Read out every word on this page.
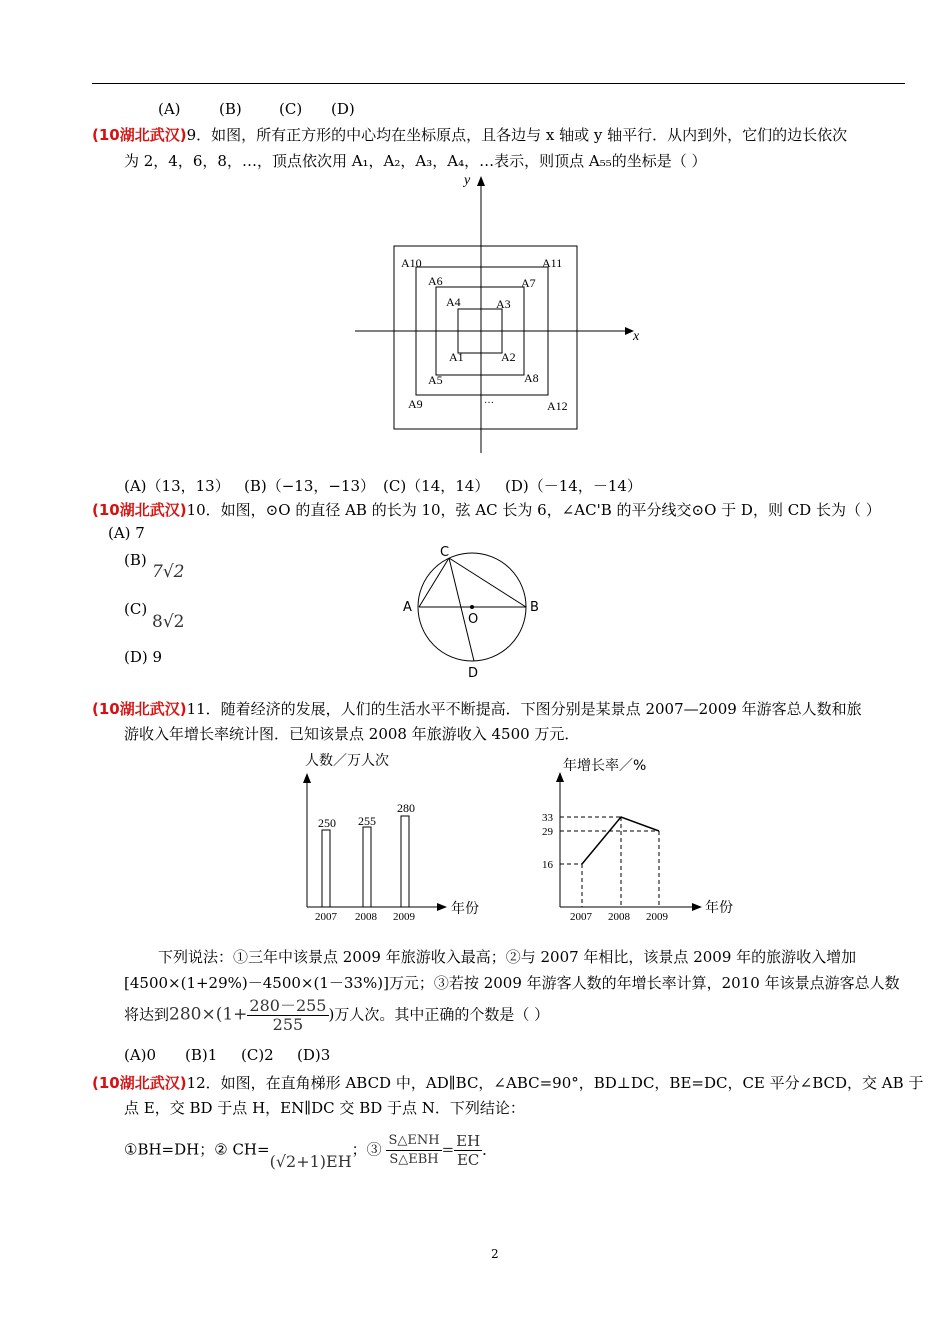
(A)	(B) (C) (D)
(10湖北武汉)9．如图，所有正方形的中心均在坐标原点，且各边与 x 轴或 y 轴平行．从内到外，它们的边长依次
为 2，4，6，8，…，顶点依次用 A₁，A₂，A₃，A₄，…表示，则顶点 A₅₅的坐标是（ ）
x
y
A10	A11
A6	A7
A4	A3
A1	A2
A5	A8
A9	A12
…
(A)（13，13） (B)（−13，−13） (C)（14，14） (D)（－14，－14）
(10湖北武汉)10．如图，⊙O 的直径 AB 的长为 10，弦 AC 长为 6，∠AC'B 的平分线交⊙O 于 D，则 CD 长为（ ）
(A) 7
(B)
7√2
(C)
8√2
(D) 9
C
A	B
O
D
(10湖北武汉)11．随着经济的发展，人们的生活水平不断提高．下图分别是某景点 2007—2009 年游客总人数和旅
游收入年增长率统计图．已知该景点 2008 年旅游收入 4500 万元．
人数／万人次
年份
250 255
280
2007 2008 2009
年增长率／%
年份
33
29
16
2007 2008 2009
下列说法：①三年中该景点 2009 年旅游收入最高；②与 2007 年相比，该景点 2009 年的旅游收入增加
[4500×(1+29%)－4500×(1－33%)]万元；③若按 2009 年游客人数的年增长率计算，2010 年该景点游客总人数
将达到$280\times(1+ \frac{280-255}{255}$ )万人次。其中正确的个数是（ ）
(A)0 (B)1 (C)2 (D)3
(10湖北武汉)12．如图，在直角梯形 ABCD 中，AD∥BC，∠ABC=90°，BD⊥DC，BE=DC，CE 平分∠BCD，交 AB 于
点 E，交 BD 于点 H，EN∥DC 交 BD 于点 N．下列结论：
①BH=DH；② CH=(√2+1)EH；③ $\frac{\text{S△ENH}}{\text{S△EBH}} = \frac{EH}{EC}$ ．
2
